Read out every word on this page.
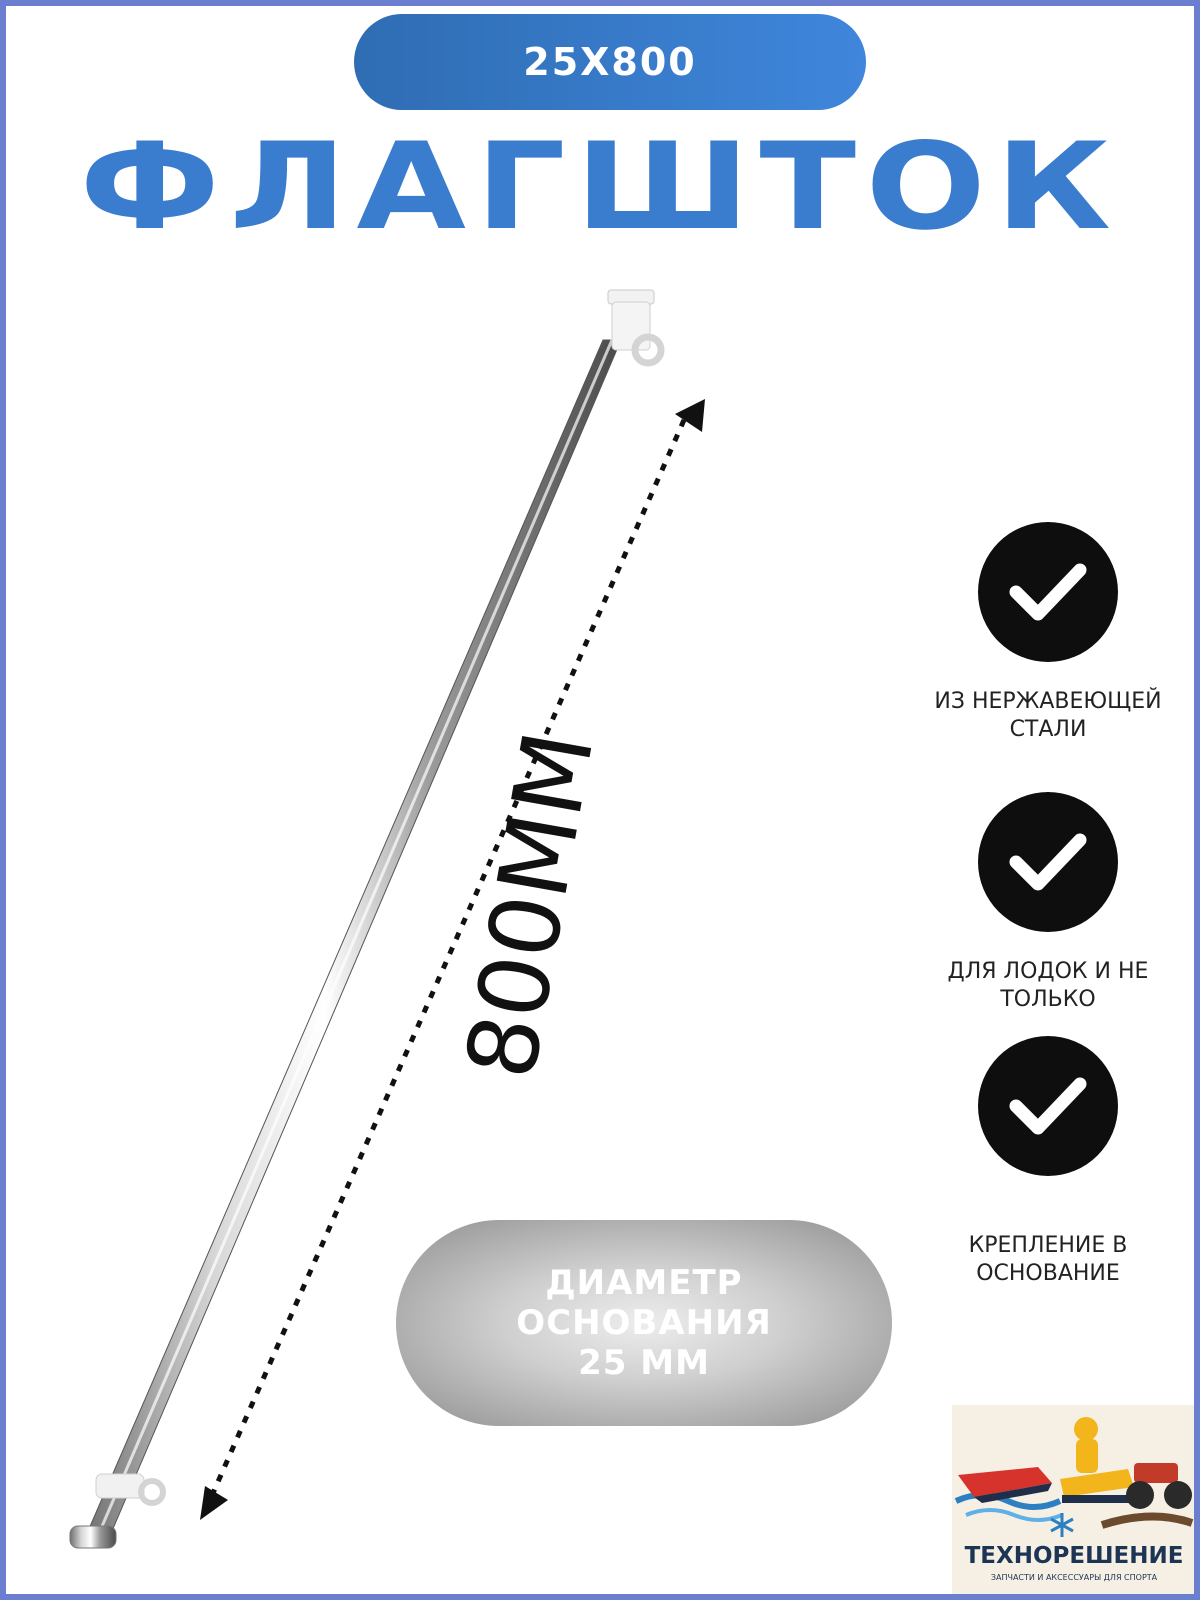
25X800
ФЛАГШТОК
800ММ
ИЗ НЕРЖАВЕЮЩЕЙ СТАЛИ
ДЛЯ ЛОДОК И НЕ ТОЛЬКО
КРЕПЛЕНИЕ В ОСНОВАНИЕ
ДИАМЕТР
ОСНОВАНИЯ
25 ММ
ТЕХНОРЕШЕНИЕ
ЗАПЧАСТИ И АКСЕССУАРЫ ДЛЯ СПОРТА
